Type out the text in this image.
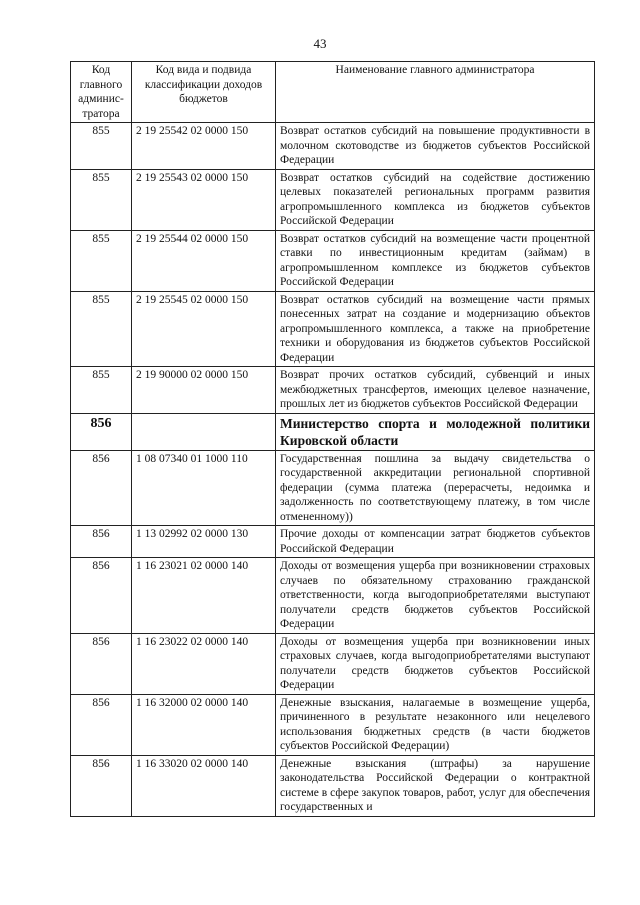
43
Код главного админис-тратора	Код вида и подвида классификации доходов бюджетов	Наименование главного администратора
855	2 19 25542 02 0000 150	Возврат остатков субсидий на повышение продуктивности в молочном скотоводстве из бюджетов субъектов Российской Федерации
855	2 19 25543 02 0000 150	Возврат остатков субсидий на содействие достижению целевых показателей региональных программ развития агропромышленного комплекса из бюджетов субъектов Российской Федерации
855	2 19 25544 02 0000 150	Возврат остатков субсидий на возмещение части процентной ставки по инвестиционным кредитам (займам) в агропромышленном комплексе из бюджетов субъектов Российской Федерации
855	2 19 25545 02 0000 150	Возврат остатков субсидий на возмещение части прямых понесенных затрат на создание и модернизацию объектов агропромышленного комплекса, а также на приобретение техники и оборудования из бюджетов субъектов Российской Федерации
855	2 19 90000 02 0000 150	Возврат прочих остатков субсидий, субвенций и иных межбюджетных трансфертов, имеющих целевое назначение, прошлых лет из бюджетов субъектов Российской Федерации
856		Министерство спорта и молодежной политики Кировской области
856	1 08 07340 01 1000 110	Государственная пошлина за выдачу свидетельства о государственной аккредитации региональной спортивной федерации (сумма платежа (перерасчеты, недоимка и задолженность по соответствующему платежу, в том числе отмененному))
856	1 13 02992 02 0000 130	Прочие доходы от компенсации затрат бюджетов субъектов Российской Федерации
856	1 16 23021 02 0000 140	Доходы от возмещения ущерба при возникновении страховых случаев по обязательному страхованию гражданской ответственности, когда выгодоприобретателями выступают получатели средств бюджетов субъектов Российской Федерации
856	1 16 23022 02 0000 140	Доходы от возмещения ущерба при возникновении иных страховых случаев, когда выгодоприобретателями выступают получатели средств бюджетов субъектов Российской Федерации
856	1 16 32000 02 0000 140	Денежные взыскания, налагаемые в возмещение ущерба, причиненного в результате незаконного или нецелевого использования бюджетных средств (в части бюджетов субъектов Российской Федерации)
856	1 16 33020 02 0000 140	Денежные взыскания (штрафы) за нарушение законодательства Российской Федерации о контрактной системе в сфере закупок товаров, работ, услуг для обеспечения государственных и
